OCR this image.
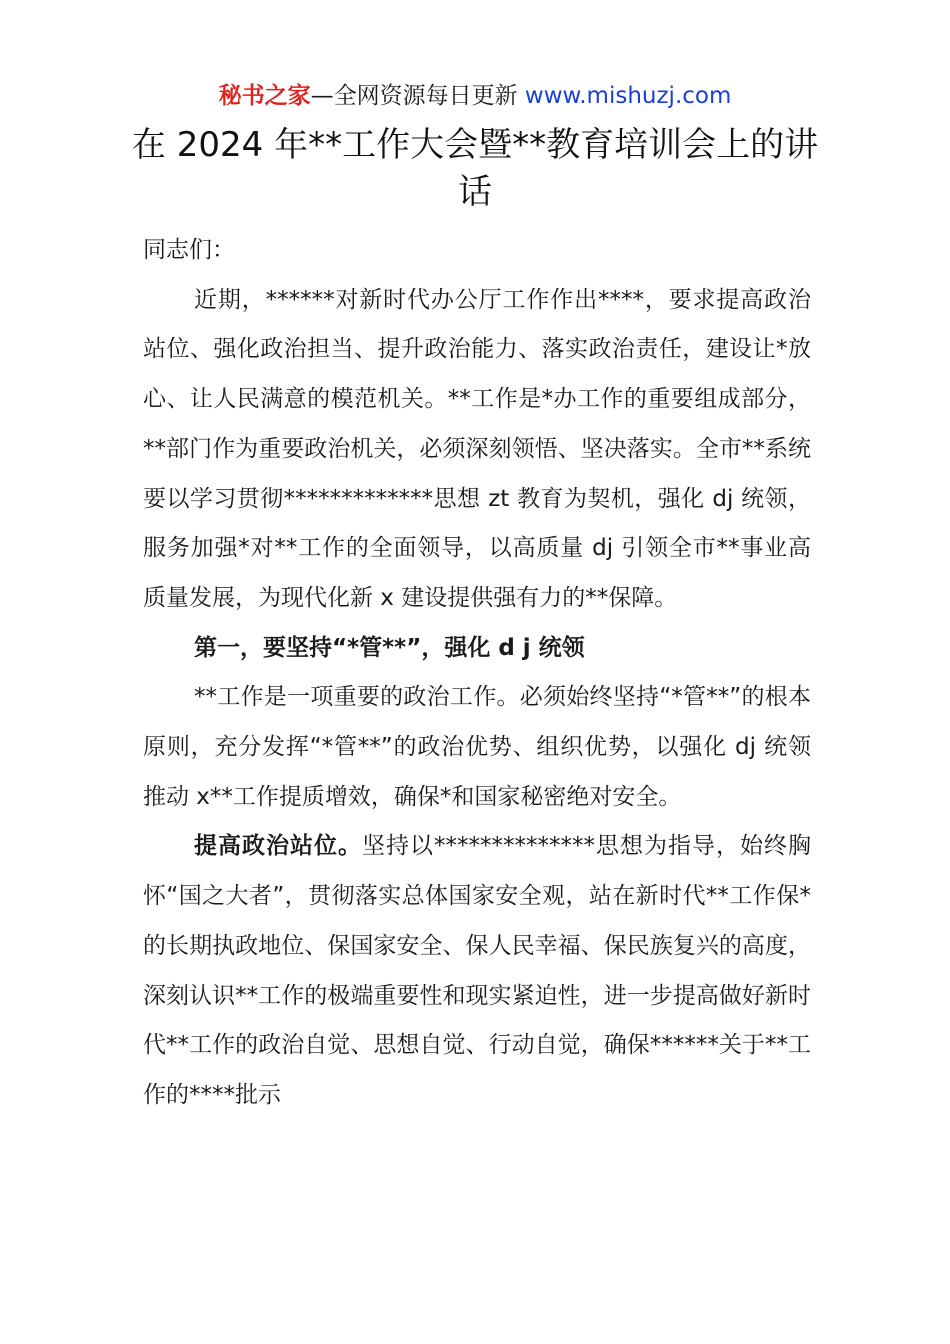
秘书之家—全网资源每日更新 www.mishuzj.com
在 2024 年**工作大会暨**教育培训会上的讲话

同志们：

近期，******对新时代办公厅工作作出****，要求提高政治站位、强化政治担当、提升政治能力、落实政治责任，建设让*放心、让人民满意的模范机关。**工作是*办工作的重要组成部分，**部门作为重要政治机关，必须深刻领悟、坚决落实。全市**系统要以学习贯彻*************思想 zt 教育为契机，强化 dj 统领，服务加强*对**工作的全面领导，以高质量 dj 引领全市**事业高质量发展，为现代化新 x 建设提供强有力的**保障。

第一，要坚持“*管**”，强化 d j 统领

**工作是一项重要的政治工作。必须始终坚持“*管**”的根本原则，充分发挥“*管**”的政治优势、组织优势，以强化 dj 统领推动 x**工作提质增效，确保*和国家秘密绝对安全。

提高政治站位。坚持以**************思想为指导，始终胸怀“国之大者”，贯彻落实总体国家安全观，站在新时代**工作保*的长期执政地位、保国家安全、保人民幸福、保民族复兴的高度，深刻认识**工作的极端重要性和现实紧迫性，进一步提高做好新时代**工作的政治自觉、思想自觉、行动自觉，确保******关于**工作的****批示
